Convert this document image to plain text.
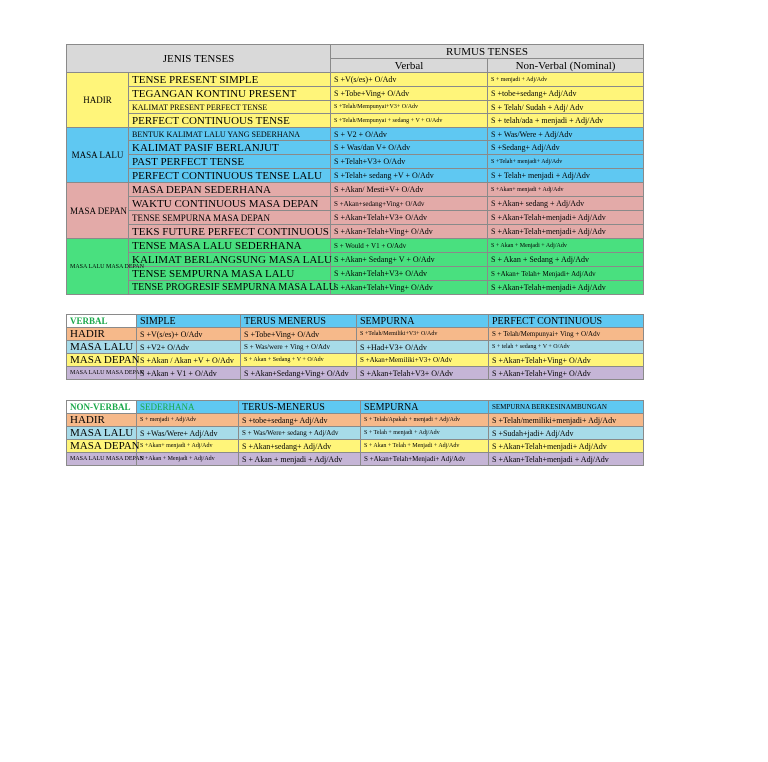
JENIS TENSES		RUMUS TENSES	
		Verbal	Non-Verbal (Nominal)
HADIR	TENSE PRESENT SIMPLE	S +V(s/es)+ O/Adv	S + menjadi + Adj/Adv
	TEGANGAN KONTINU PRESENT	S +Tobe+Ving+ O/Adv	S +tobe+sedang+ Adj/Adv
	KALIMAT PRESENT PERFECT TENSE	S +Telah/Mempunyai+V3+ O/Adv	S + Telah/ Sudah + Adj/ Adv
	PERFECT CONTINUOUS TENSE	S +Telah/Mempunyai + sedang + V + O/Adv	S + telah/ada + menjadi + Adj/Adv
MASA LALU	BENTUK KALIMAT LALU YANG SEDERHANA	S + V2 + O/Adv	S + Was/Were + Adj/Adv
	KALIMAT PASIF BERLANJUT	S + Was/dan V+ O/Adv	S +Sedang+ Adj/Adv
	PAST PERFECT TENSE	S +Telah+V3+ O/Adv	S +Telah+ menjadi+ Adj/Adv
	PERFECT CONTINUOUS TENSE LALU	S +Telah+ sedang +V + O/Adv	S + Telah+ menjadi + Adj/Adv
MASA DEPAN	MASA DEPAN SEDERHANA	S +Akan/ Mesti+V+ O/Adv	S +Akan+ menjadi + Adj/Adv
	WAKTU CONTINUOUS MASA DEPAN	S +Akan+sedang+Ving+ O/Adv	S +Akan+ sedang + Adj/Adv
	TENSE SEMPURNA MASA DEPAN	S +Akan+Telah+V3+ O/Adv	S +Akan+Telah+menjadi+ Adj/Adv
	TEKS FUTURE PERFECT CONTINUOUS	S +Akan+Telah+Ving+ O/Adv	S +Akan+Telah+menjadi+ Adj/Adv
MASA LALU MASA DEPAN	TENSE MASA LALU SEDERHANA	S + Would + V1 + O/Adv	S + Akan + Menjadi + Adj/Adv
	KALIMAT BERLANGSUNG MASA LALU	S +Akan+ Sedang+ V + O/Adv	S + Akan + Sedang + Adj/Adv
	TENSE SEMPURNA MASA LALU	S +Akan+Telah+V3+ O/Adv	S +Akan+ Telah+ Menjadi+ Adj/Adv
	TENSE PROGRESIF SEMPURNA MASA LALU	S +Akan+Telah+Ving+ O/Adv	S +Akan+Telah+menjadi+ Adj/Adv
VERBAL	SIMPLE	TERUS MENERUS	SEMPURNA	PERFECT CONTINUOUS
HADIR	S +V(s/es)+ O/Adv	S +Tobe+Ving+ O/Adv	S +Telah/Memiliki+V3+ O/Adv	S + Telah/Mempunyai+ Ving + O/Adv
MASA LALU	S +V2+ O/Adv	S + Was/were + Ving + O/Adv	S +Had+V3+ O/Adv	S + telah + sedang + V + O/Adv
MASA DEPAN	S +Akan / Akan +V + O/Adv	S + Akan + Sedang + V + O/Adv	S +Akan+Memiliki+V3+ O/Adv	S +Akan+Telah+Ving+ O/Adv
MASA LALU MASA DEPAN	S +Akan + V1 + O/Adv	S +Akan+Sedang+Ving+ O/Adv	S +Akan+Telah+V3+ O/Adv	S +Akan+Telah+Ving+ O/Adv
NON-VERBAL	SEDERHANA	TERUS-MENERUS	SEMPURNA	SEMPURNA BERKESINAMBUNGAN
HADIR	S + menjadi + Adj/Adv	S +tobe+sedang+ Adj/Adv	S + Telah/Apakah + menjadi + Adj/Adv	S +Telah/memiliki+menjadi+ Adj/Adv
MASA LALU	S +Was/Were+ Adj/Adv	S + Was/Were+ sedang + Adj/Adv	S + Telah + menjadi + Adj/Adv	S +Sudah+jadi+ Adj/Adv
MASA DEPAN	S +Akan+ menjadi + Adj/Adv	S +Akan+sedang+ Adj/Adv	S + Akan + Telah + Menjadi + Adj/Adv	S +Akan+Telah+menjadi+ Adj/Adv
MASA LALU MASA DEPAN	S +Akan + Menjadi + Adj/Adv	S + Akan + menjadi + Adj/Adv	S +Akan+Telah+Menjadi+ Adj/Adv	S +Akan+Telah+menjadi + Adj/Adv
